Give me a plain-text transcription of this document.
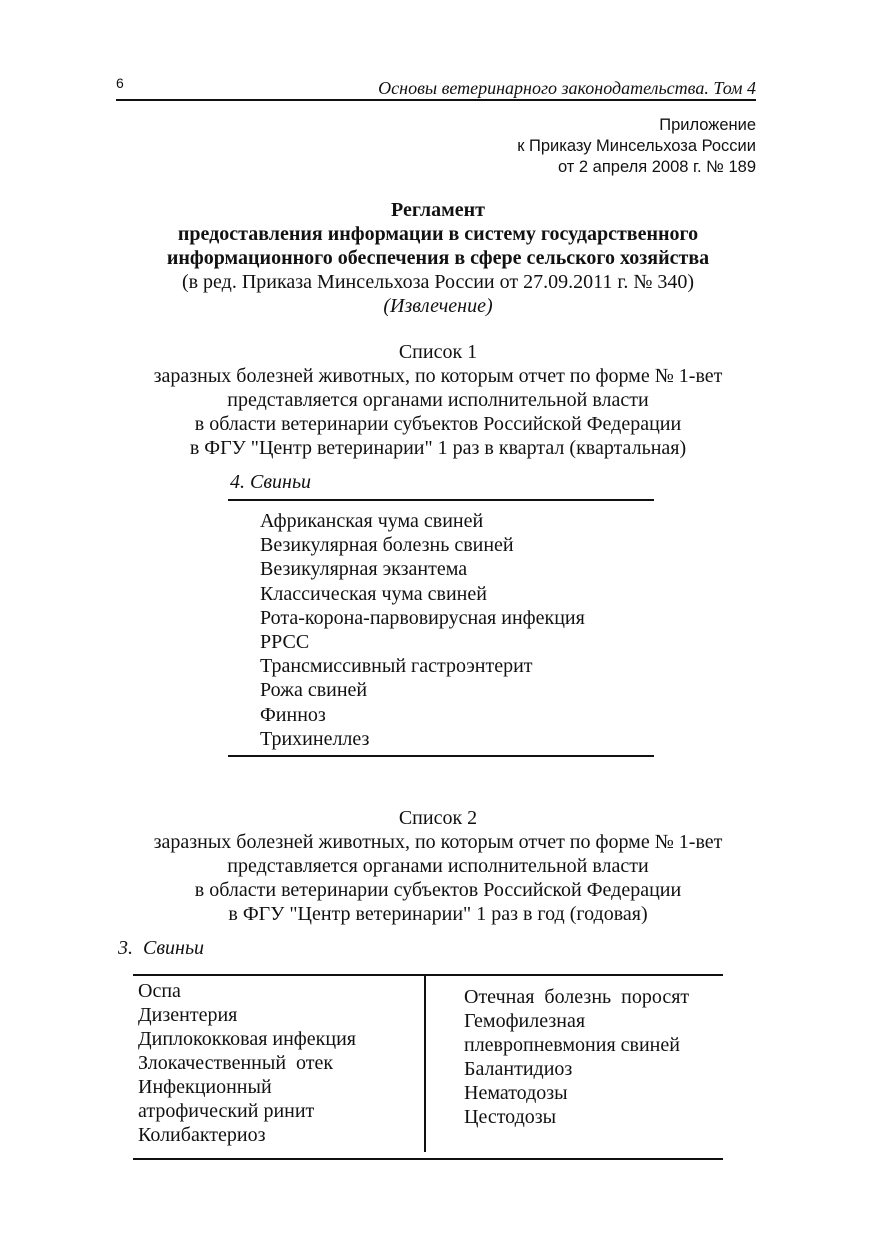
6	Основы ветеринарного законодательства. Том 4
Приложение
к Приказу Минсельхоза России
от 2 апреля 2008 г. № 189
Регламент
предоставления информации в систему государственного
информационного обеспечения в сфере сельского хозяйства
(в ред. Приказа Минсельхоза России от 27.09.2011 г. № 340)
(Извлечение)
Список 1
заразных болезней животных, по которым отчет по форме № 1-вет
представляется органами исполнительной власти
в области ветеринарии субъектов Российской Федерации
в ФГУ "Центр ветеринарии" 1 раз в квартал (квартальная)
4. Свиньи
Африканская чума свиней
Везикулярная болезнь свиней
Везикулярная экзантема
Классическая чума свиней
Рота-корона-парвовирусная инфекция
РРСС
Трансмиссивный гастроэнтерит
Рожа свиней
Финноз
Трихинеллез
Список 2
заразных болезней животных, по которым отчет по форме № 1-вет
представляется органами исполнительной власти
в области ветеринарии субъектов Российской Федерации
в ФГУ "Центр ветеринарии" 1 раз в год (годовая)
3.  Свиньи
Оспа
Дизентерия
Диплококковая инфекция
Злокачественный  отек
Инфекционный
атрофический ринит
Колибактериоз
Отечная  болезнь  поросят
Гемофилезная
плевропневмония свиней
Балантидиоз
Нематодозы
Цестодозы
